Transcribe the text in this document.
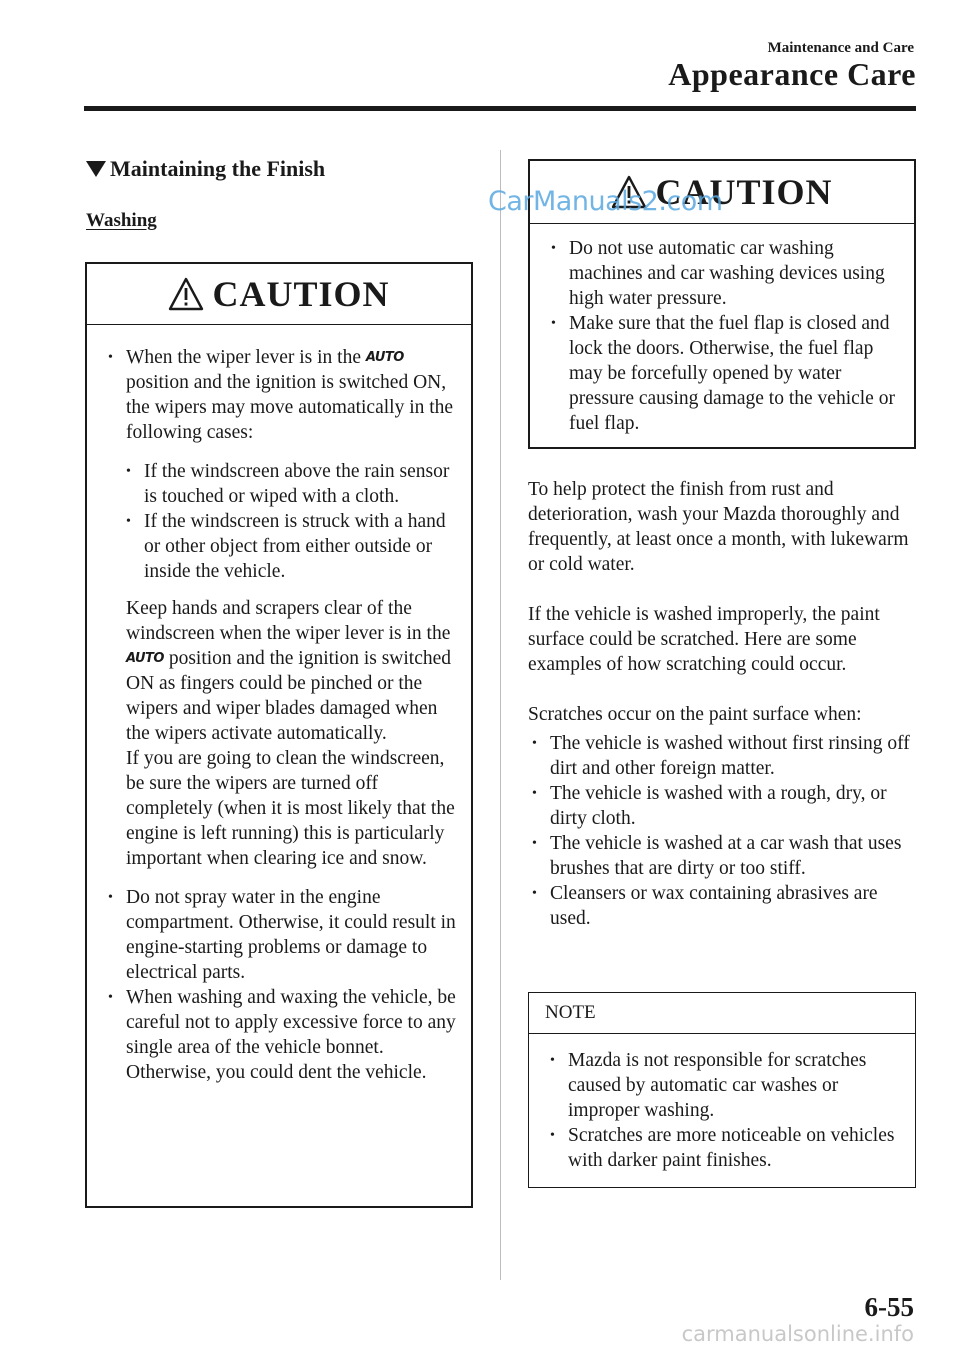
Maintenance and Care
Appearance Care
Maintaining the Finish
Washing
CAUTION
• When the wiper lever is in the AUTO position and the ignition is switched ON, the wipers may move automatically in the following cases:
• If the windscreen above the rain sensor is touched or wiped with a cloth.
• If the windscreen is struck with a hand or other object from either outside or inside the vehicle.
Keep hands and scrapers clear of the windscreen when the wiper lever is in the AUTO position and the ignition is switched ON as fingers could be pinched or the wipers and wiper blades damaged when the wipers activate automatically.
If you are going to clean the windscreen, be sure the wipers are turned off completely (when it is most likely that the engine is left running) this is particularly important when clearing ice and snow.
• Do not spray water in the engine compartment. Otherwise, it could result in engine-starting problems or damage to electrical parts.
• When washing and waxing the vehicle, be careful not to apply excessive force to any single area of the vehicle bonnet. Otherwise, you could dent the vehicle.
CAUTION
• Do not use automatic car washing machines and car washing devices using high water pressure.
• Make sure that the fuel flap is closed and lock the doors. Otherwise, the fuel flap may be forcefully opened by water pressure causing damage to the vehicle or fuel flap.
CarManuals2.com
To help protect the finish from rust and deterioration, wash your Mazda thoroughly and frequently, at least once a month, with lukewarm or cold water.
If the vehicle is washed improperly, the paint surface could be scratched. Here are some examples of how scratching could occur.
Scratches occur on the paint surface when:
• The vehicle is washed without first rinsing off dirt and other foreign matter.
• The vehicle is washed with a rough, dry, or dirty cloth.
• The vehicle is washed at a car wash that uses brushes that are dirty or too stiff.
• Cleansers or wax containing abrasives are used.
NOTE
• Mazda is not responsible for scratches caused by automatic car washes or improper washing.
• Scratches are more noticeable on vehicles with darker paint finishes.
6-55
carmanualsonline.info
